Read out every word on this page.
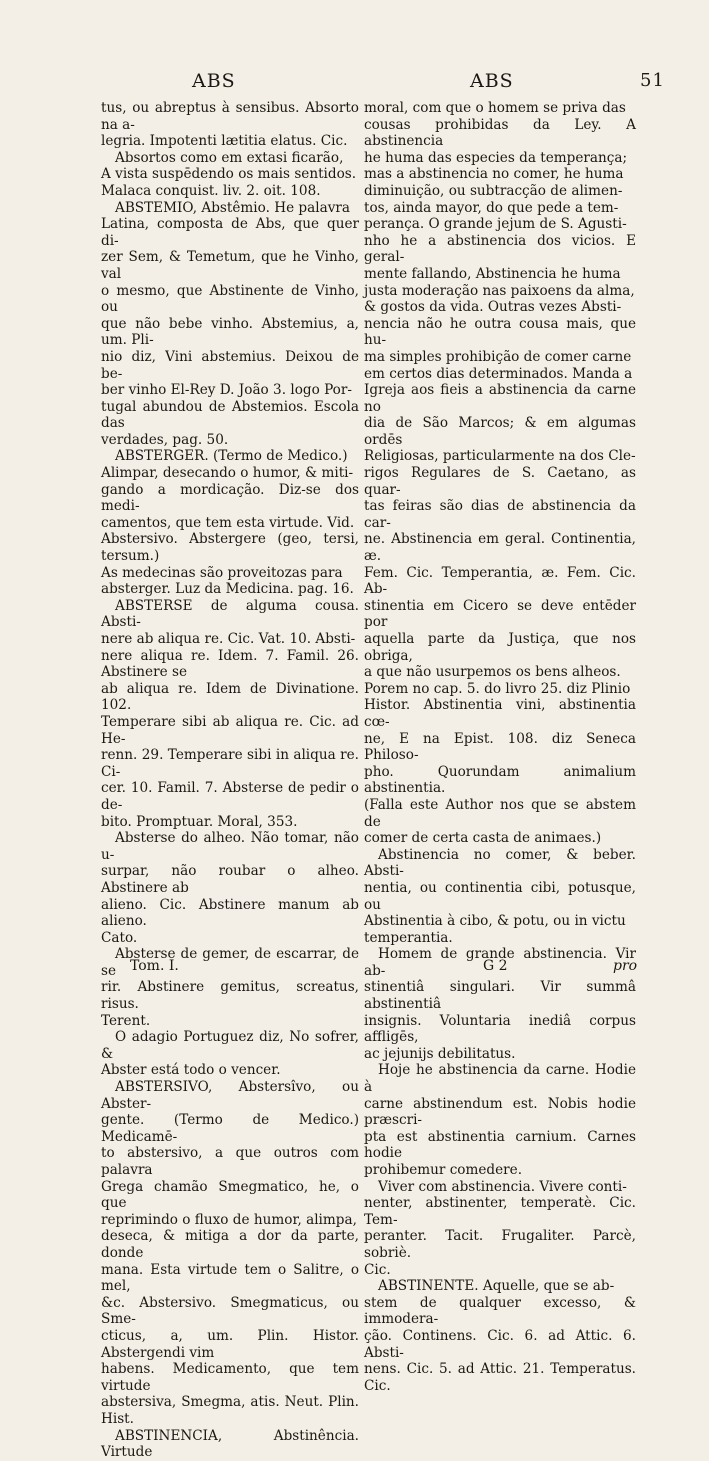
ABS	ABS	51

tus, ou abreptus à sensibus. Absorto na a-

legria. Impotenti lætitia elatus. Cic.

Absortos como em extasi ficarão,

A vista suspēdendo os mais sentidos.

Malaca conquist. liv. 2. oit. 108.

ABSTEMIO, Abstêmio. He palavra

Latina, composta de Abs, que quer di-

zer Sem, & Temetum, que he Vinho, val

o mesmo, que Abstinente de Vinho, ou

que não bebe vinho. Abstemius, a, um. Pli-

nio diz, Vini abstemius. Deixou de be-

ber vinho El-Rey D. João 3. logo Por-

tugal abundou de Abstemios. Escola das

verdades, pag. 50.

ABSTERGER. (Termo de Medico.)

Alimpar, desecando o humor, & miti-

gando a mordicação. Diz-se dos medi-

camentos, que tem esta virtude. Vid.

Abstersivo. Abstergere (geo, tersi, tersum.)

As medecinas são proveitozas para

absterger. Luz da Medicina. pag. 16.

ABSTERSE de alguma cousa. Absti-

nere ab aliqua re. Cic. Vat. 10. Absti-

nere aliqua re. Idem. 7. Famil. 26. Abstinere se

ab aliqua re. Idem de Divinatione. 102.

Temperare sibi ab aliqua re. Cic. ad He-

renn. 29. Temperare sibi in aliqua re. Ci-

cer. 10. Famil. 7. Absterse de pedir o de-

bito. Promptuar. Moral, 353.

Absterse do alheo. Não tomar, não u-

surpar, não roubar o alheo. Abstinere ab

alieno. Cic. Abstinere manum ab alieno.

Cato.

Absterse de gemer, de escarrar, de se

rir. Abstinere gemitus, screatus, risus.

Terent.

O adagio Portuguez diz, No sofrer, &

Abster está todo o vencer.

ABSTERSIVO, Abstersîvo, ou Abster-

gente. (Termo de Medico.) Medicamē-

to abstersivo, a que outros com palavra

Grega chamão Smegmatico, he, o que

reprimindo o fluxo de humor, alimpa,

deseca, & mitiga a dor da parte, donde

mana. Esta virtude tem o Salitre, o mel,

&c. Abstersivo. Smegmaticus, ou Sme-

cticus, a, um. Plin. Histor. Abstergendi vim

habens. Medicamento, que tem virtude

abstersiva, Smegma, atis. Neut. Plin. Hist.

ABSTINENCIA, Abstinência. Virtude

moral, com que o homem se priva das

cousas prohibidas da Ley. A abstinencia

he huma das especies da temperança;

mas a abstinencia no comer, he huma

diminuição, ou subtracção de alimen-

tos, ainda mayor, do que pede a tem-

perança. O grande jejum de S. Agusti-

nho he a abstinencia dos vicios. E geral-

mente fallando, Abstinencia he huma

justa moderação nas paixoens da alma,

& gostos da vida. Outras vezes Absti-

nencia não he outra cousa mais, que hu-

ma simples prohibição de comer carne

em certos dias determinados. Manda a

Igreja aos fieis a abstinencia da carne no

dia de São Marcos; & em algumas ordēs

Religiosas, particularmente na dos Cle-

rigos Regulares de S. Caetano, as quar-

tas feiras são dias de abstinencia da car-

ne. Abstinencia em geral. Continentia, æ.

Fem. Cic. Temperantia, æ. Fem. Cic. Ab-

stinentia em Cicero se deve entēder por

aquella parte da Justiça, que nos obriga,

a que não usurpemos os bens alheos.

Porem no cap. 5. do livro 25. diz Plinio

Histor. Abstinentia vini, abstinentia cœ-

ne, E na Epist. 108. diz Seneca Philoso-

pho. Quorundam animalium abstinentia.

(Falla este Author nos que se abstem de

comer de certa casta de animaes.)

Abstinencia no comer, & beber. Absti-

nentia, ou continentia cibi, potusque, ou

Abstinentia à cibo, & potu, ou in victu

temperantia.

Homem de grande abstinencia. Vir ab-

stinentiâ singulari. Vir summâ abstinentiâ

insignis. Voluntaria inediâ corpus affligēs,

ac jejunijs debilitatus.

Hoje he abstinencia da carne. Hodie à

carne abstinendum est. Nobis hodie præscri-

pta est abstinentia carnium. Carnes hodie

prohibemur comedere.

Viver com abstinencia. Vivere conti-

nenter, abstinenter, temperatè. Cic. Tem-

peranter. Tacit. Frugaliter. Parcè, sobriè.

Cic.

ABSTINENTE. Aquelle, que se ab-

stem de qualquer excesso, & immodera-

ção. Continens. Cic. 6. ad Attic. 6. Absti-

nens. Cic. 5. ad Attic. 21. Temperatus. Cic.

Tom. I.	G 2	pro
